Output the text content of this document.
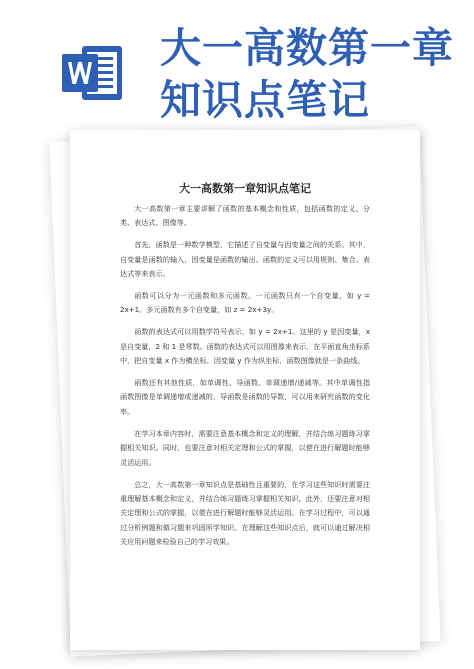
大一高数第一章知识点笔记
大一高数第一章知识点笔记

大一高数第一章主要讲解了函数的基本概念和性质，包括函数的定义、分类、表达式、图像等。

首先，函数是一种数学模型，它描述了自变量与因变量之间的关系。其中，自变量是函数的输入，因变量是函数的输出。函数的定义可以用规则、集合、表达式等来表示。

函数可以分为一元函数和多元函数。一元函数只有一个自变量，如 y = 2x+1。多元函数有多个自变量，如 z = 2x+3y。

函数的表达式可以用数学符号表示，如 y = 2x+1。这里的 y 是因变量，x 是自变量，2 和 1 是常数。函数的表达式可以用图像来表示，在平面直角坐标系中，把自变量 x 作为横坐标，因变量 y 作为纵坐标，函数图像就是一条曲线。

函数还有其他性质，如单调性、导函数、单调递增/递减等。其中单调性指函数图像是单调递增或递减的，导函数是函数的导数，可以用来研究函数的变化率。

在学习本章内容时，需要注意基本概念和定义的理解，并结合练习题练习掌握相关知识。同时，也要注意对相关定理和公式的掌握，以便在进行解题时能够灵活运用。

总之，大一高数第一章知识点是基础性且重要的，在学习这些知识时需要注重理解基本概念和定义，并结合练习题练习掌握相关知识。此外，还要注意对相关定理和公式的掌握，以便在进行解题时能够灵活运用。在学习过程中，可以通过分析例题和做习题来巩固所学知识。在理解这些知识点后，就可以通过解决相关应用问题来检验自己的学习效果。
